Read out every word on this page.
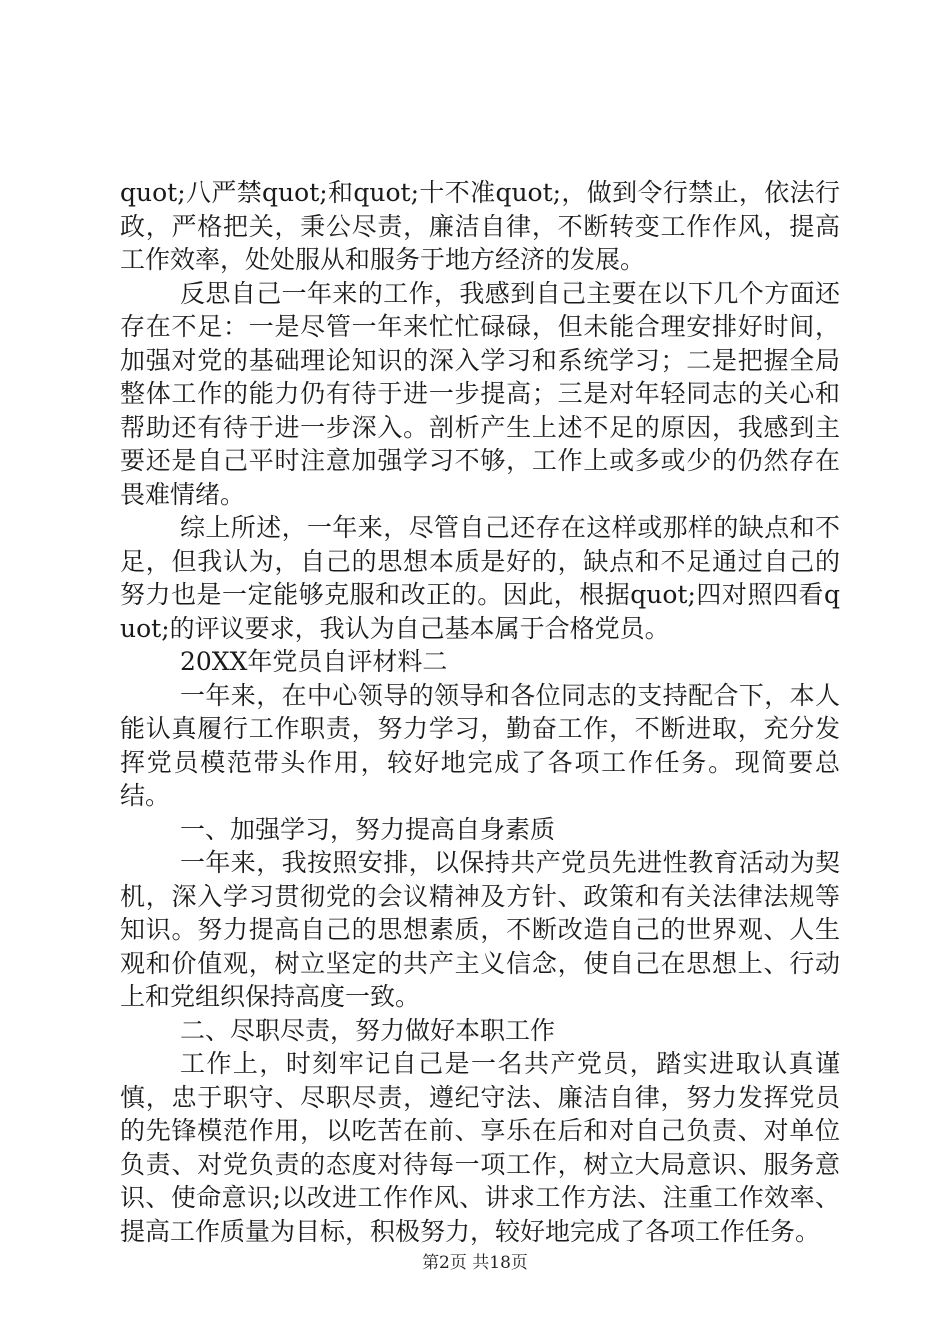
quot;八严禁quot;和quot;十不准quot;，做到令行禁止，依法行政，严格把关，秉公尽责，廉洁自律，不断转变工作作风，提高工作效率，处处服从和服务于地方经济的发展。

反思自己一年来的工作，我感到自己主要在以下几个方面还存在不足：一是尽管一年来忙忙碌碌，但未能合理安排好时间，加强对党的基础理论知识的深入学习和系统学习；二是把握全局整体工作的能力仍有待于进一步提高；三是对年轻同志的关心和帮助还有待于进一步深入。剖析产生上述不足的原因，我感到主要还是自己平时注意加强学习不够，工作上或多或少的仍然存在畏难情绪。

综上所述，一年来，尽管自己还存在这样或那样的缺点和不足，但我认为，自己的思想本质是好的，缺点和不足通过自己的努力也是一定能够克服和改正的。因此，根据quot;四对照四看quot;的评议要求，我认为自己基本属于合格党员。

20XX年党员自评材料二

一年来，在中心领导的领导和各位同志的支持配合下，本人能认真履行工作职责，努力学习，勤奋工作，不断进取，充分发挥党员模范带头作用，较好地完成了各项工作任务。现简要总结。

一、加强学习，努力提高自身素质

一年来，我按照安排，以保持共产党员先进性教育活动为契机，深入学习贯彻党的会议精神及方针、政策和有关法律法规等知识。努力提高自己的思想素质，不断改造自己的世界观、人生观和价值观，树立坚定的共产主义信念，使自己在思想上、行动上和党组织保持高度一致。

二、尽职尽责，努力做好本职工作

工作上，时刻牢记自己是一名共产党员，踏实进取认真谨慎，忠于职守、尽职尽责，遵纪守法、廉洁自律，努力发挥党员的先锋模范作用，以吃苦在前、享乐在后和对自己负责、对单位负责、对党负责的态度对待每一项工作，树立大局意识、服务意识、使命意识;以改进工作作风、讲求工作方法、注重工作效率、提高工作质量为目标，积极努力，较好地完成了各项工作任务。

第2页 共18页
